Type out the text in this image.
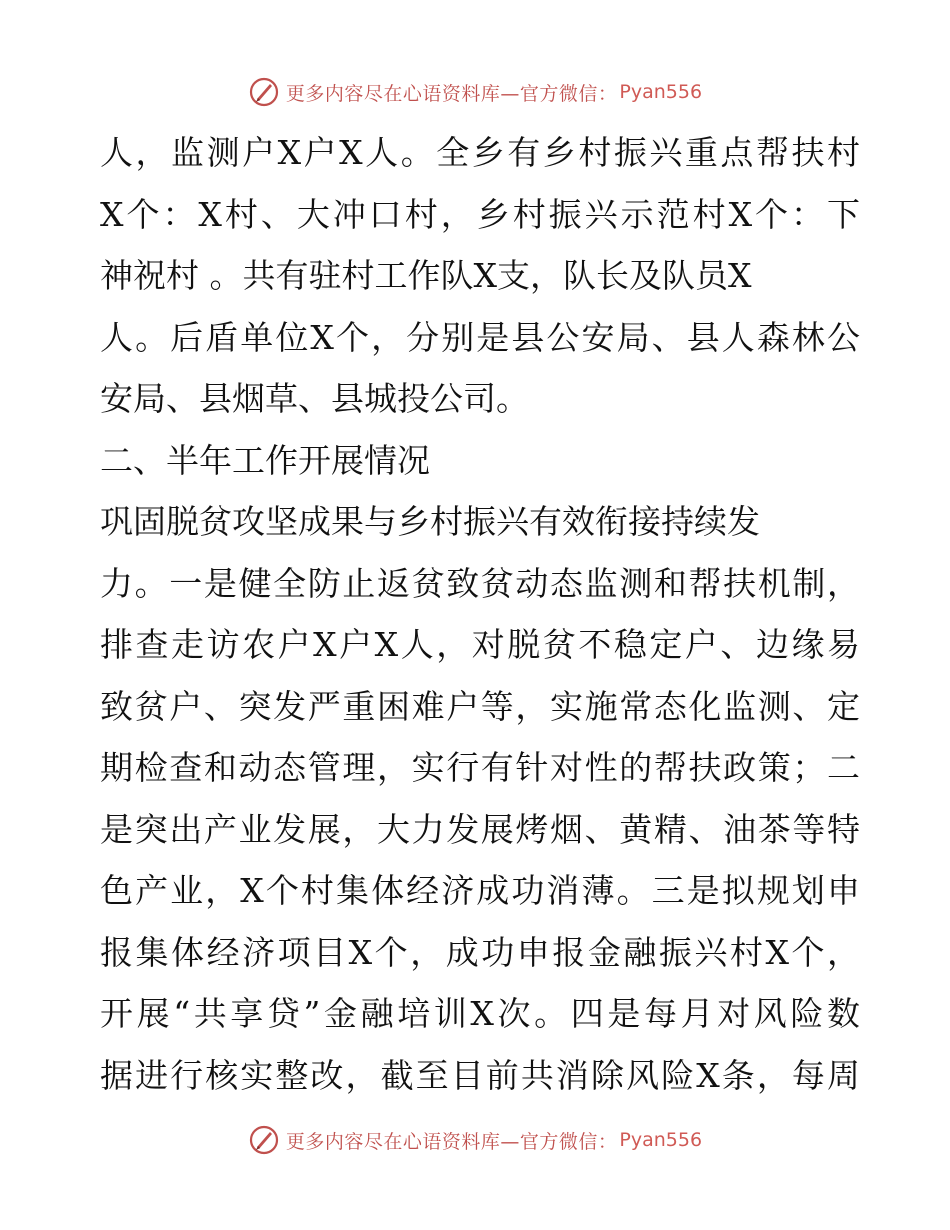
更多内容尽在心语资料库—官方微信： Pyan556
人，监测户X户X人。全乡有乡村振兴重点帮扶村
X个：X村、大冲口村，乡村振兴示范村X个：下
神祝村 。共有驻村工作队X支，队长及队员X
人。后盾单位X个，分别是县公安局、县人森林公
安局、县烟草、县城投公司。
二、半年工作开展情况
巩固脱贫攻坚成果与乡村振兴有效衔接持续发
力。一是健全防止返贫致贫动态监测和帮扶机制，
排查走访农户X户X人，对脱贫不稳定户、边缘易
致贫户、突发严重困难户等，实施常态化监测、定
期检查和动态管理，实行有针对性的帮扶政策；二
是突出产业发展，大力发展烤烟、黄精、油茶等特
色产业，X个村集体经济成功消薄。三是拟规划申
报集体经济项目X个，成功申报金融振兴村X个，
开展“共享贷”金融培训X次。四是每月对风险数
据进行核实整改，截至目前共消除风险X条，每周
更多内容尽在心语资料库—官方微信： Pyan556
